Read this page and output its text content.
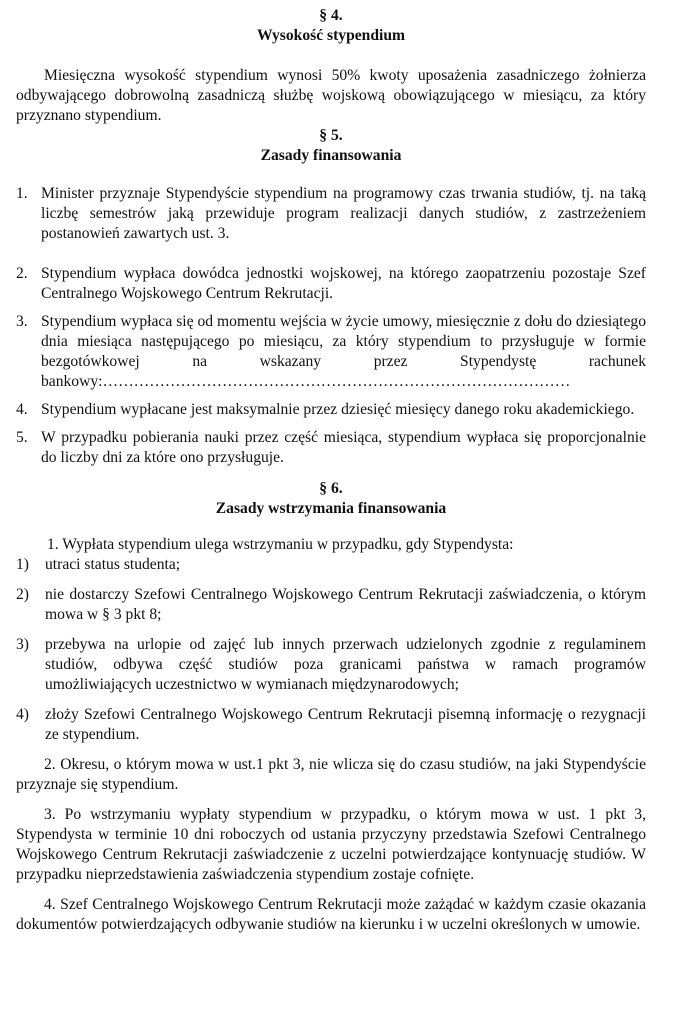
§ 4.

Wysokość stypendium

Miesięczna wysokość stypendium wynosi 50% kwoty uposażenia zasadniczego żołnierza odbywającego dobrowolną zasadniczą służbę wojskową obowiązującego w miesiącu, za który przyznano stypendium.

§ 5.

Zasady finansowania

1. Minister przyznaje Stypendyście stypendium na programowy czas trwania studiów, tj. na taką liczbę semestrów jaką przewiduje program realizacji danych studiów, z zastrzeżeniem postanowień zawartych ust. 3.
2. Stypendium wypłaca dowódca jednostki wojskowej, na którego zaopatrzeniu pozostaje Szef Centralnego Wojskowego Centrum Rekrutacji.
3. Stypendium wypłaca się od momentu wejścia w życie umowy, miesięcznie z dołu do dziesiątego dnia miesiąca następującego po miesiącu, za który stypendium to przysługuje w formie bezgotówkowej na wskazany przez Stypendystę rachunek bankowy:………………………………………………………………………………
4. Stypendium wypłacane jest maksymalnie przez dziesięć miesięcy danego roku akademickiego.
5. W przypadku pobierania nauki przez część miesiąca, stypendium wypłaca się proporcjonalnie do liczby dni za które ono przysługuje.

§ 6.

Zasady wstrzymania finansowania

1. Wypłata stypendium ulega wstrzymaniu w przypadku, gdy Stypendysta:

1) utraci status studenta;
2) nie dostarczy Szefowi Centralnego Wojskowego Centrum Rekrutacji zaświadczenia, o którym mowa w § 3 pkt 8;
3) przebywa na urlopie od zajęć lub innych przerwach udzielonych zgodnie z regulaminem studiów, odbywa część studiów poza granicami państwa w ramach programów umożliwiających uczestnictwo w wymianach międzynarodowych;
4) złoży Szefowi Centralnego Wojskowego Centrum Rekrutacji pisemną informację o rezygnacji ze stypendium.

2. Okresu, o którym mowa w ust.1 pkt 3, nie wlicza się do czasu studiów, na jaki Stypendyście przyznaje się stypendium.

3. Po wstrzymaniu wypłaty stypendium w przypadku, o którym mowa w ust. 1 pkt 3, Stypendysta w terminie 10 dni roboczych od ustania przyczyny przedstawia Szefowi Centralnego Wojskowego Centrum Rekrutacji zaświadczenie z uczelni potwierdzające kontynuację studiów. W przypadku nieprzedstawienia zaświadczenia stypendium zostaje cofnięte.

4. Szef Centralnego Wojskowego Centrum Rekrutacji może zażądać w każdym czasie okazania dokumentów potwierdzających odbywanie studiów na kierunku i w uczelni określonych w umowie.
